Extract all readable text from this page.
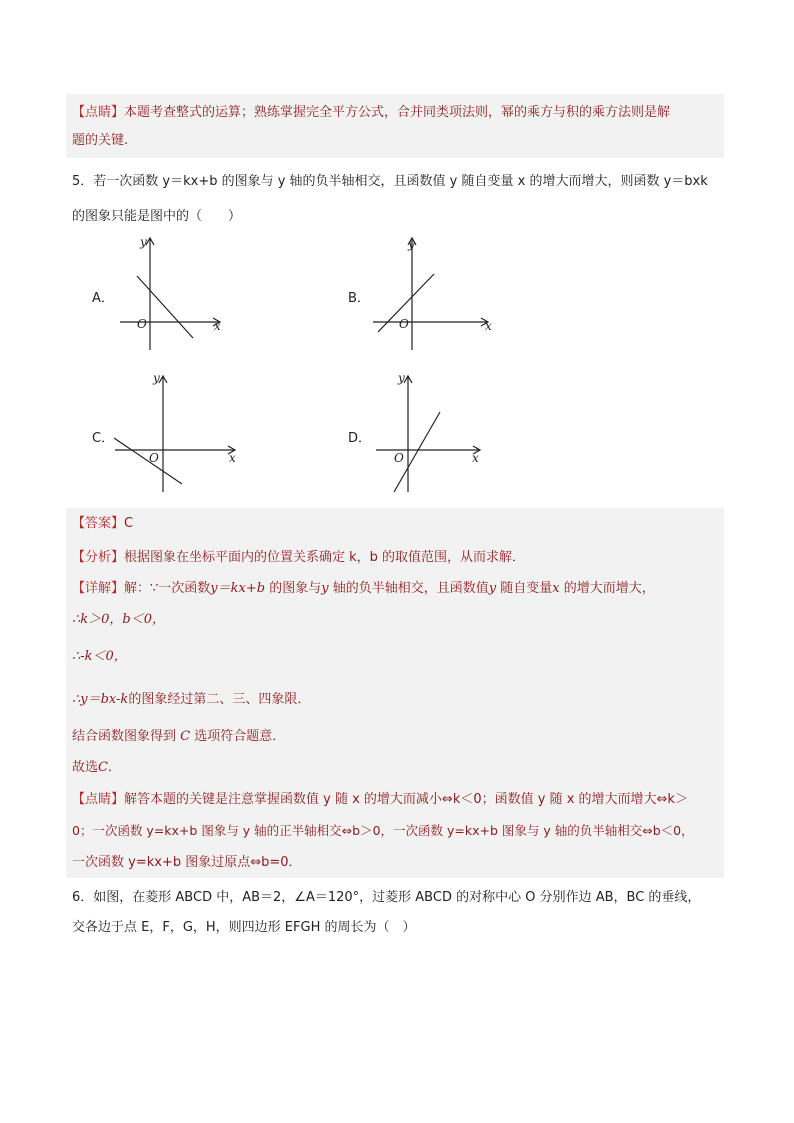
【点睛】本题考查整式的运算；熟练掌握完全平方公式，合并同类项法则，幂的乘方与积的乘方法则是解
题的关键.
5．若一次函数 y＝kx+b 的图象与 y 轴的负半轴相交，且函数值 y 随自变量 x 的增大而增大，则函数 y＝bxk
的图象只能是图中的（　　）
A．
y
O	x
B．
y
O	x
C．
y
O	x
D．
y
O	x
【答案】C
【分析】根据图象在坐标平面内的位置关系确定 k，b 的取值范围，从而求解．
【详解】解：∵一次函数y＝kx+b 的图象与y 轴的负半轴相交，且函数值y 随自变量x 的增大而增大，
∴k＞0，b＜0，
∴-k＜0，
∴y＝bx-k的图象经过第二、三、四象限．
结合函数图象得到 C 选项符合题意．
故选C．
【点睛】解答本题的关键是注意掌握函数值 y 随 x 的增大而减小⇔k＜0；函数值 y 随 x 的增大而增大⇔k＞
0；一次函数 y=kx+b 图象与 y 轴的正半轴相交⇔b＞0，一次函数 y=kx+b 图象与 y 轴的负半轴相交⇔b＜0，
一次函数 y=kx+b 图象过原点⇔b=0．
6．如图，在菱形 ABCD 中，AB＝2，∠A＝120°，过菱形 ABCD 的对称中心 O 分别作边 AB，BC 的垂线，
交各边于点 E，F，G，H，则四边形 EFGH 的周长为（　）
